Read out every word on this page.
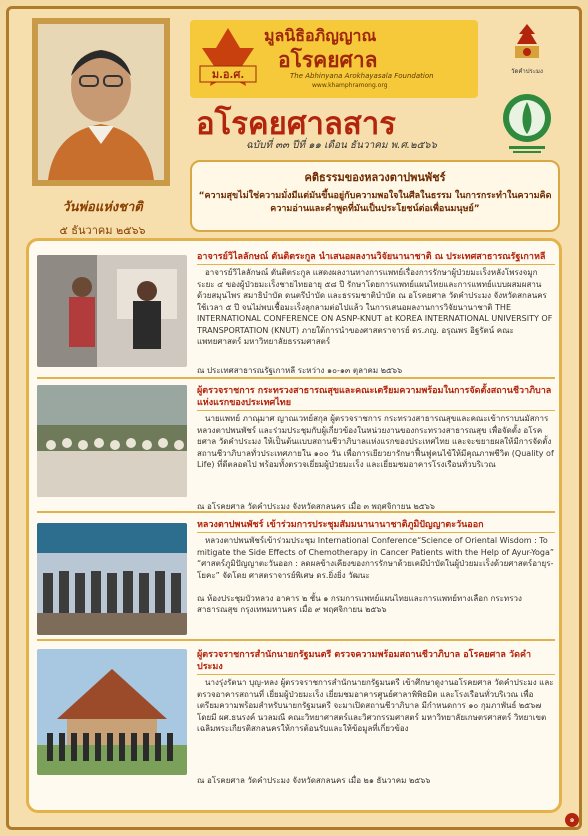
วันพ่อแห่งชาติ
๕ ธันวาคม ๒๕๖๖
ม.อ.ศ.
มูลนิธิอภิญญาณ
อโรคยศาล
The Abhinyana Arokhayasala Foundation
www.khamphramong.org
อโรคยศาลสาร
ฉบับที่ ๓๓ ปีที่ ๑๑ เดือน ธันวาคม พ.ศ.๒๕๖๖
วัดคำประมง
คติธรรมของหลวงตาปพนพัชร์
“ความสุขไม่ใช่ความมั่งมีแต่มันขึ้นอยู่กับความพอใจในศีลในธรรม ในการกระทำในความคิดความอ่านและคำพูดที่มันเป็นประโยชน์ต่อเพื่อนมนุษย์”
อาจารย์วิไลลักษณ์ ตันติตระกูล นำเสนอผลงานวิจัยนานาชาติ ณ ประเทศสาธารณรัฐเกาหลี

อาจารย์วิไลลักษณ์ ตันติตระกูล แสดงผลงานทางการแพทย์เรื่องการรักษาผู้ป่วยมะเร็งหลังโพรงจมูกระยะ ๔ ของผู้ป่วยมะเร็งชายไทยอายุ ๕๘ ปี รักษาโดยการแพทย์แผนไทยและการแพทย์แบบผสมผสาน ด้วยสมุนไพร สมาธิบำบัด ดนตรีบำบัด และธรรมชาติบำบัด ณ อโรคยศาล วัดคำประมง จังหวัดสกลนคร ใช้เวลา ๕ ปี จนไม่พบเชื้อมะเร็งลุกลามต่อไปแล้ว ในการเสนอผลงานการวิจัยนานาชาติ THE INTERNATIONAL CONFERENCE ON ASNP-KNUT at KOREA INTERNATIONAL UNIVERSITY OF TRANSPORTATION (KNUT) ภายใต้การนำของศาสตราจารย์ ดร.ภญ. อรุณพร อิฐรัตน์ คณะแพทยศาสตร์ มหาวิทยาลัยธรรมศาสตร์

ณ ประเทศสาธารณรัฐเกาหลี ระหว่าง ๑๐-๑๓ ตุลาคม ๒๕๖๖
ผู้ตรวจราชการ กระทรวงสาธารณสุขและคณะเตรียมความพร้อมในการจัดตั้งสถานชีวาภิบาลแห่งแรกของประเทศไทย

นายแพทย์ ภาณุมาศ ญาณเวทย์สกุล ผู้ตรวจราชการ กระทรวงสาธารณสุขและคณะเข้ากราบนมัสการหลวงตาปพนพัชร์ และร่วมประชุมกับผู้เกี่ยวข้องในหน่วยงานของกระทรวงสาธารณสุข เพื่อจัดตั้ง อโรคยศาล วัดคำประมง ให้เป็นต้นแบบสถานชีวาภิบาลแห่งแรกของประเทศไทย และจะขยายผลให้มีการจัดตั้งสถานชีวาภิบาลทั่วประเทศภายใน ๑๐๐ วัน เพื่อการเยียวยารักษาฟื้นฟูคนไข้ให้มีคุณภาพชีวิต (Quality of Life) ที่ดีตลอดไป พร้อมทั้งตรวจเยี่ยมผู้ป่วยมะเร็ง และเยี่ยมชมอาคารโรงเรือนทั่วบริเวณ

ณ อโรคยศาล วัดคำประมง จังหวัดสกลนคร เมื่อ ๓ พฤศจิกายน ๒๕๖๖
หลวงตาปพนพัชร์ เข้าร่วมการประชุมสัมมนานานาชาติภูมิปัญญาตะวันออก

หลวงตาปพนพัชร์เข้าร่วมประชุม International Conference“Science of Oriental Wisdom : To mitigate the Side Effects of Chemotherapy in Cancer Patients with the Help of Ayur-Yoga” “ศาสตร์ภูมิปัญญาตะวันออก : ลดผลข้างเคียงของการรักษาด้วยเคมีบำบัดในผู้ป่วยมะเร็งด้วยศาสตร์อายุร-โยคะ” จัดโดย ศาสตราจารย์พิเศษ ดร.ยิ่งยิ่ง วัฒนะ

ณ ห้องประชุมบัวหลวง อาคาร ๒ ชั้น ๑ กรมการแพทย์แผนไทยและการแพทย์ทางเลือก กระทรวงสาธารณสุข กรุงเทพมหานคร เมื่อ ๙ พฤศจิกายน ๒๕๖๖
ผู้ตรวจราชการสำนักนายกรัฐมนตรี ตรวจความพร้อมสถานชีวาภิบาล อโรคยศาล วัดคำประมง

นางรุ่งรัตนา บุญ-หลง ผู้ตรวจราชการสำนักนายกรัฐมนตรี เข้าศึกษาดูงานอโรคยศาล วัดคำประมง และตรวจอาคารสถานที่ เยี่ยมผู้ป่วยมะเร็ง เยี่ยมชมอาคารศูนย์ศาลาพิพิธมิต และโรงเรือนทั่วบริเวณ เพื่อเตรียมความพร้อมสำหรับนายกรัฐมนตรี จะมาเปิดสถานชีวาภิบาล มีกำหนดการ ๑๐ กุมภาพันธ์ ๒๕๖๗ โดยมี ผศ.ธนรงค์ นวลมณี คณะวิทยาศาสตร์และวิศวกรรมศาสตร์ มหาวิทยาลัยเกษตรศาสตร์ วิทยาเขตเฉลิมพระเกียรติสกลนครให้การต้อนรับและให้ข้อมูลที่เกี่ยวข้อง

ณ อโรคยศาล วัดคำประมง จังหวัดสกลนคร เมื่อ ๒๑ ธันวาคม ๒๕๖๖
๑
